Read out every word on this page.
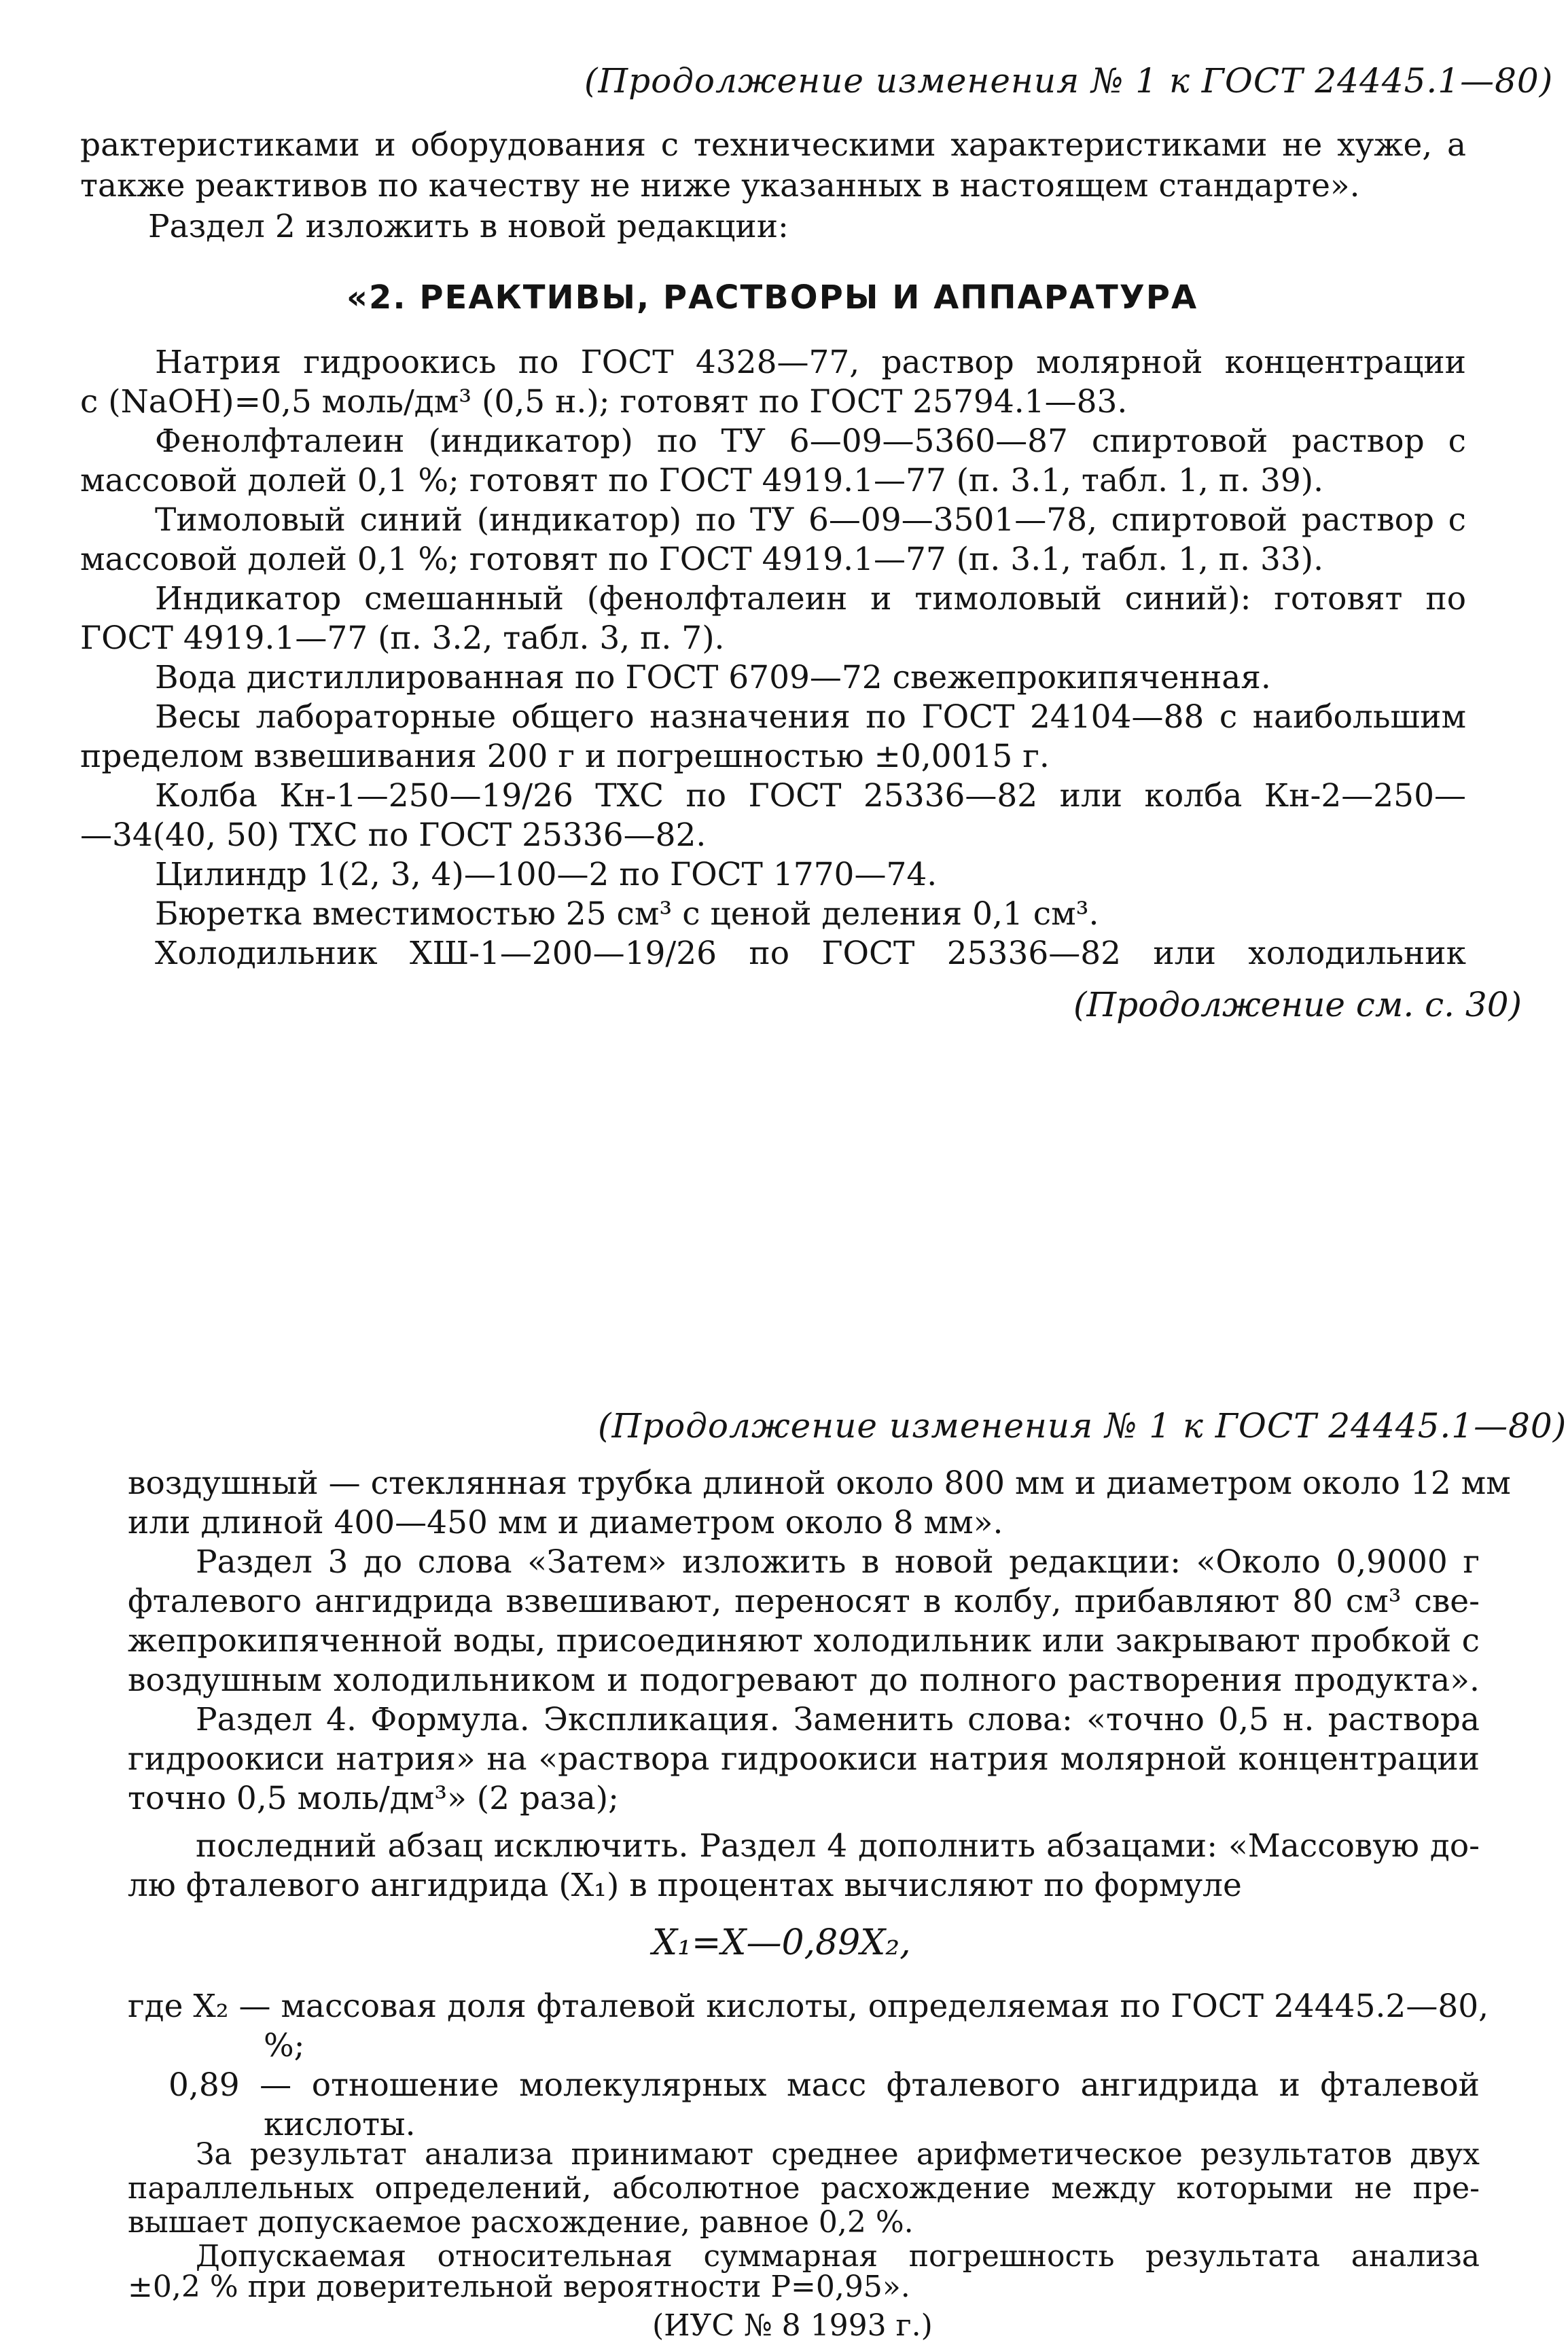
(Продолжение изменения № 1 к ГОСТ 24445.1—80)
рактеристиками и оборудования с техническими характеристиками не хуже, а
также реактивов по качеству не ниже указанных в настоящем стандарте».
Раздел 2 изложить в новой редакции:
«2. РЕАКТИВЫ, РАСТВОРЫ И АППАРАТУРА
Натрия гидроокись по ГОСТ 4328—77, раствор молярной концентрации
с (NaOH)=0,5 моль/дм³ (0,5 н.); готовят по ГОСТ 25794.1—83.
Фенолфталеин (индикатор) по ТУ 6—09—5360—87 спиртовой раствор с
массовой долей 0,1 %; готовят по ГОСТ 4919.1—77 (п. 3.1, табл. 1, п. 39).
Тимоловый синий (индикатор) по ТУ 6—09—3501—78, спиртовой раствор с
массовой долей 0,1 %; готовят по ГОСТ 4919.1—77 (п. 3.1, табл. 1, п. 33).
Индикатор смешанный (фенолфталеин и тимоловый синий): готовят по
ГОСТ 4919.1—77 (п. 3.2, табл. 3, п. 7).
Вода дистиллированная по ГОСТ 6709—72 свежепрокипяченная.
Весы лабораторные общего назначения по ГОСТ 24104—88 с наибольшим
пределом взвешивания 200 г и погрешностью ±0,0015 г.
Колба Кн-1—250—19/26 ТХС по ГОСТ 25336—82 или колба Кн-2—250—
—34(40, 50) ТХС по ГОСТ 25336—82.
Цилиндр 1(2, 3, 4)—100—2 по ГОСТ 1770—74.
Бюретка вместимостью 25 см³ с ценой деления 0,1 см³.
Холодильник ХШ-1—200—19/26 по ГОСТ 25336—82 или холодильник
(Продолжение см. с. 30)
(Продолжение изменения № 1 к ГОСТ 24445.1—80)
воздушный — стеклянная трубка длиной около 800 мм и диаметром около 12 мм
или длиной 400—450 мм и диаметром около 8 мм».
Раздел 3 до слова «Затем» изложить в новой редакции: «Около 0,9000 г
фталевого ангидрида взвешивают, переносят в колбу, прибавляют 80 см³ све-
жепрокипяченной воды, присоединяют холодильник или закрывают пробкой с
воздушным холодильником и подогревают до полного растворения продукта».
Раздел 4. Формула. Экспликация. Заменить слова: «точно 0,5 н. раствора
гидроокиси натрия» на «раствора гидроокиси натрия молярной концентрации
точно 0,5 моль/дм³» (2 раза);
последний абзац исключить. Раздел 4 дополнить абзацами: «Массовую до-
лю фталевого ангидрида (X₁) в процентах вычисляют по формуле
X₁=X—0,89X₂,
где X₂ — массовая доля фталевой кислоты, определяемая по ГОСТ 24445.2—80,
%;
0,89 — отношение молекулярных масс фталевого ангидрида и фталевой
кислоты.
За результат анализа принимают среднее арифметическое результатов двух
параллельных определений, абсолютное расхождение между которыми не пре-
вышает допускаемое расхождение, равное 0,2 %.
Допускаемая относительная суммарная погрешность результата анализа
±0,2 % при доверительной вероятности P=0,95».
(ИУС № 8 1993 г.)
